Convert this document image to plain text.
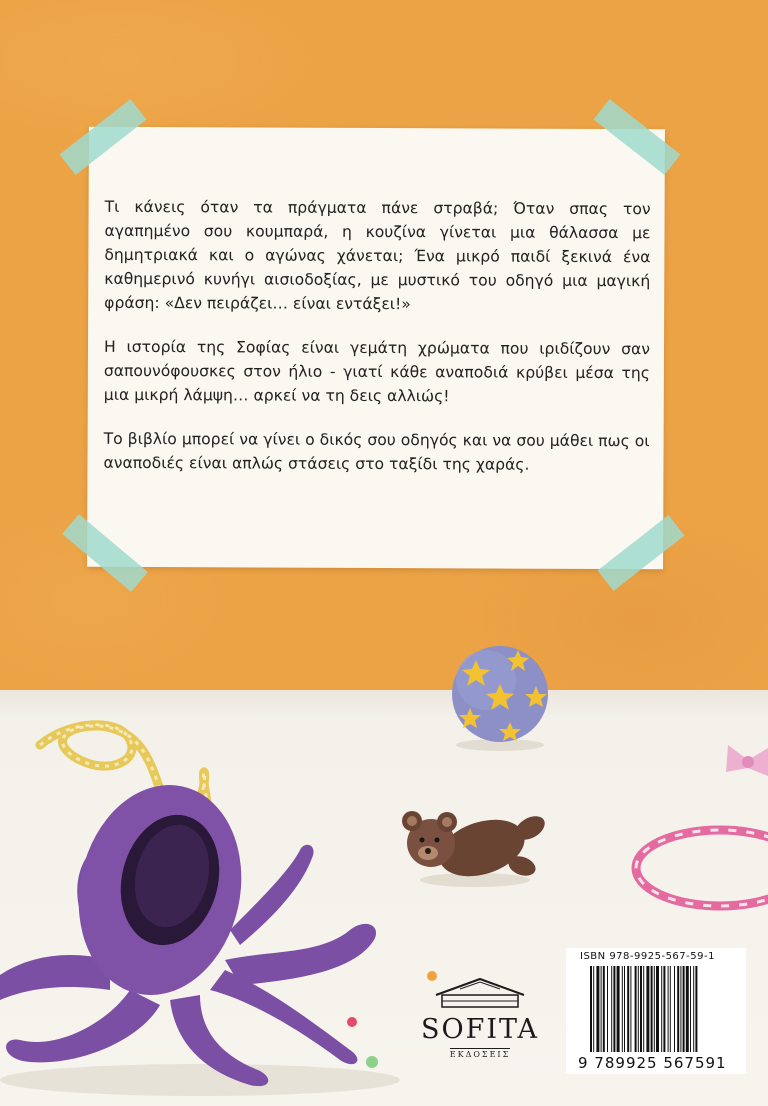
Τι κάνεις όταν τα πράγματα πάνε στραβά; Όταν σπας τον αγαπημένο σου κουμπαρά, η κουζίνα γίνεται μια θάλασσα με δημητριακά και ο αγώνας χάνεται; Ένα μικρό παιδί ξεκινά ένα καθημερινό κυνήγι αισιοδοξίας, με μυστικό του οδηγό μια μαγική φράση: «Δεν πειράζει… είναι εντάξει!»

Η ιστορία της Σοφίας είναι γεμάτη χρώματα που ιριδίζουν σαν σαπουνόφουσκες στον ήλιο - γιατί κάθε αναποδιά κρύβει μέσα της μια μικρή λάμψη… αρκεί να τη δεις αλλιώς!

Το βιβλίο μπορεί να γίνει ο δικός σου οδηγός και να σου μάθει πως οι αναποδιές είναι απλώς στάσεις στο ταξίδι της χαράς.

SOFITA
ΕΚΔΟΣΕΙΣ
ISBN 978-9925-567-59-1
9 789925 567591
